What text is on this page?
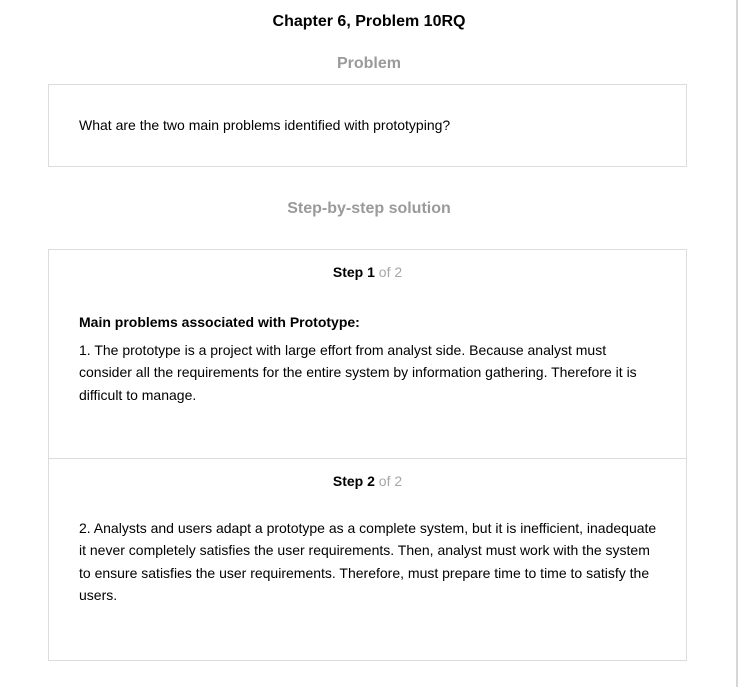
Chapter 6, Problem 10RQ
Problem
What are the two main problems identified with prototyping?
Step-by-step solution
Step 1 of 2
Main problems associated with Prototype:
1. The prototype is a project with large effort from analyst side. Because analyst must consider all the requirements for the entire system by information gathering. Therefore it is difficult to manage.
Step 2 of 2
2. Analysts and users adapt a prototype as a complete system, but it is inefficient, inadequate it never completely satisfies the user requirements. Then, analyst must work with the system to ensure satisfies the user requirements. Therefore, must prepare time to time to satisfy the users.
